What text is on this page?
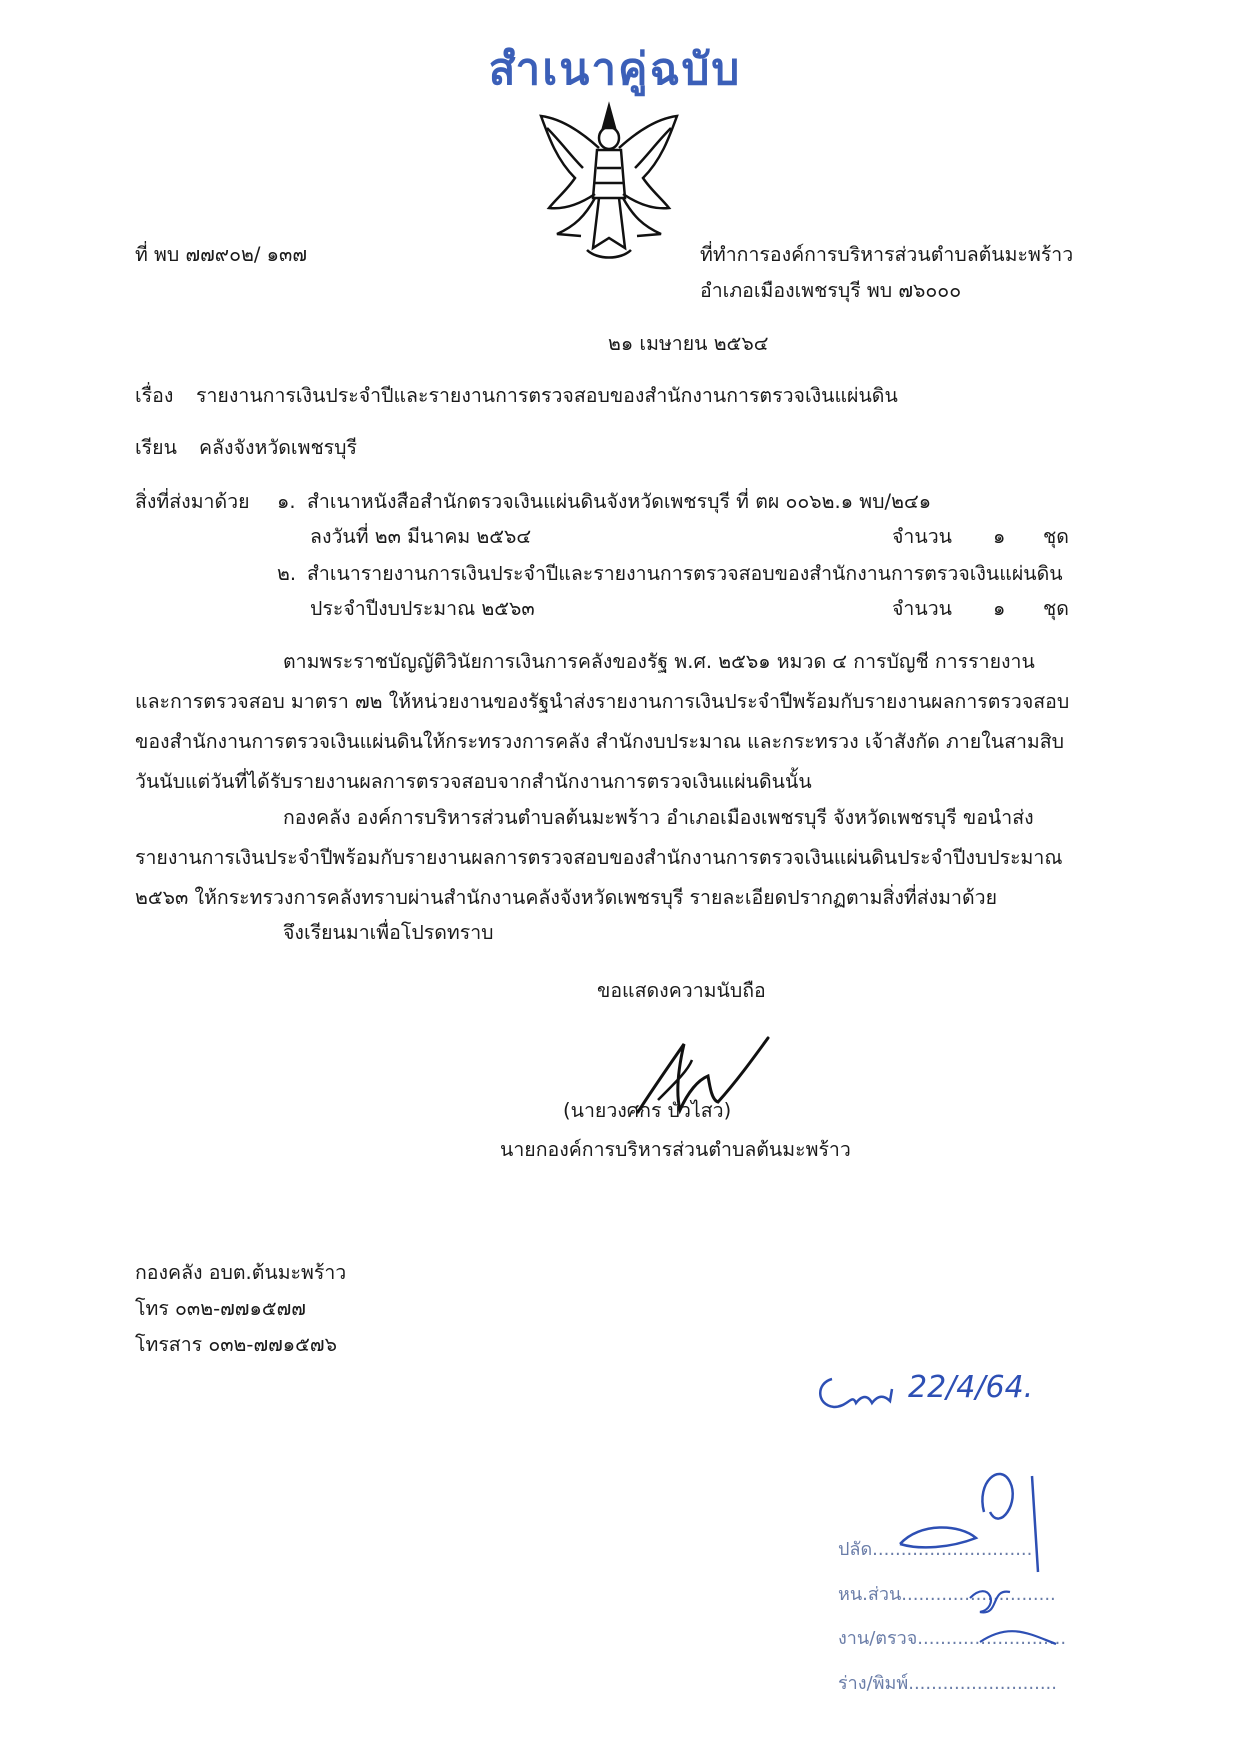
สำเนาคู่ฉบับ
ที่ พบ ๗๗๙๐๒/ ๑๓๗	ที่ทำการองค์การบริหารส่วนตำบลต้นมะพร้าว
อำเภอเมืองเพชรบุรี พบ ๗๖๐๐๐
๒๑ เมษายน ๒๕๖๔
เรื่อง รายงานการเงินประจำปีและรายงานการตรวจสอบของสำนักงานการตรวจเงินแผ่นดิน
เรียน คลังจังหวัดเพชรบุรี
สิ่งที่ส่งมาด้วย ๑. สำเนาหนังสือสำนักตรวจเงินแผ่นดินจังหวัดเพชรบุรี ที่ ตผ ๐๐๖๒.๑ พบ/๒๔๑
ลงวันที่ ๒๓ มีนาคม ๒๕๖๔	จำนวน ๑ ชุด
๒. สำเนารายงานการเงินประจำปีและรายงานการตรวจสอบของสำนักงานการตรวจเงินแผ่นดิน
ประจำปีงบประมาณ ๒๕๖๓	จำนวน ๑ ชุด
ตามพระราชบัญญัติวินัยการเงินการคลังของรัฐ พ.ศ. ๒๕๖๑ หมวด ๔ การบัญชี การรายงาน และการตรวจสอบ มาตรา ๗๒ ให้หน่วยงานของรัฐนำส่งรายงานการเงินประจำปีพร้อมกับรายงานผลการตรวจสอบของสำนักงานการตรวจเงินแผ่นดินให้กระทรวงการคลัง สำนักงบประมาณ และกระทรวง เจ้าสังกัด ภายในสามสิบวันนับแต่วันที่ได้รับรายงานผลการตรวจสอบจากสำนักงานการตรวจเงินแผ่นดินนั้น
กองคลัง องค์การบริหารส่วนตำบลต้นมะพร้าว อำเภอเมืองเพชรบุรี จังหวัดเพชรบุรี ขอนำส่งรายงานการเงินประจำปีพร้อมกับรายงานผลการตรวจสอบของสำนักงานการตรวจเงินแผ่นดินประจำปีงบประมาณ ๒๕๖๓ ให้กระทรวงการคลังทราบผ่านสำนักงานคลังจังหวัดเพชรบุรี รายละเอียดปรากฏตามสิ่งที่ส่งมาด้วย
จึงเรียนมาเพื่อโปรดทราบ
ขอแสดงความนับถือ
(นายวงศกร บัวไสว)
นายกองค์การบริหารส่วนตำบลต้นมะพร้าว
กองคลัง อบต.ต้นมะพร้าว
โทร ๐๓๒-๗๗๑๕๗๗
โทรสาร ๐๓๒-๗๗๑๕๗๖
22/4/64.
ปลัด............................
หน.ส่วน...........................
งาน/ตรวจ..........................
ร่าง/พิมพ์..........................
